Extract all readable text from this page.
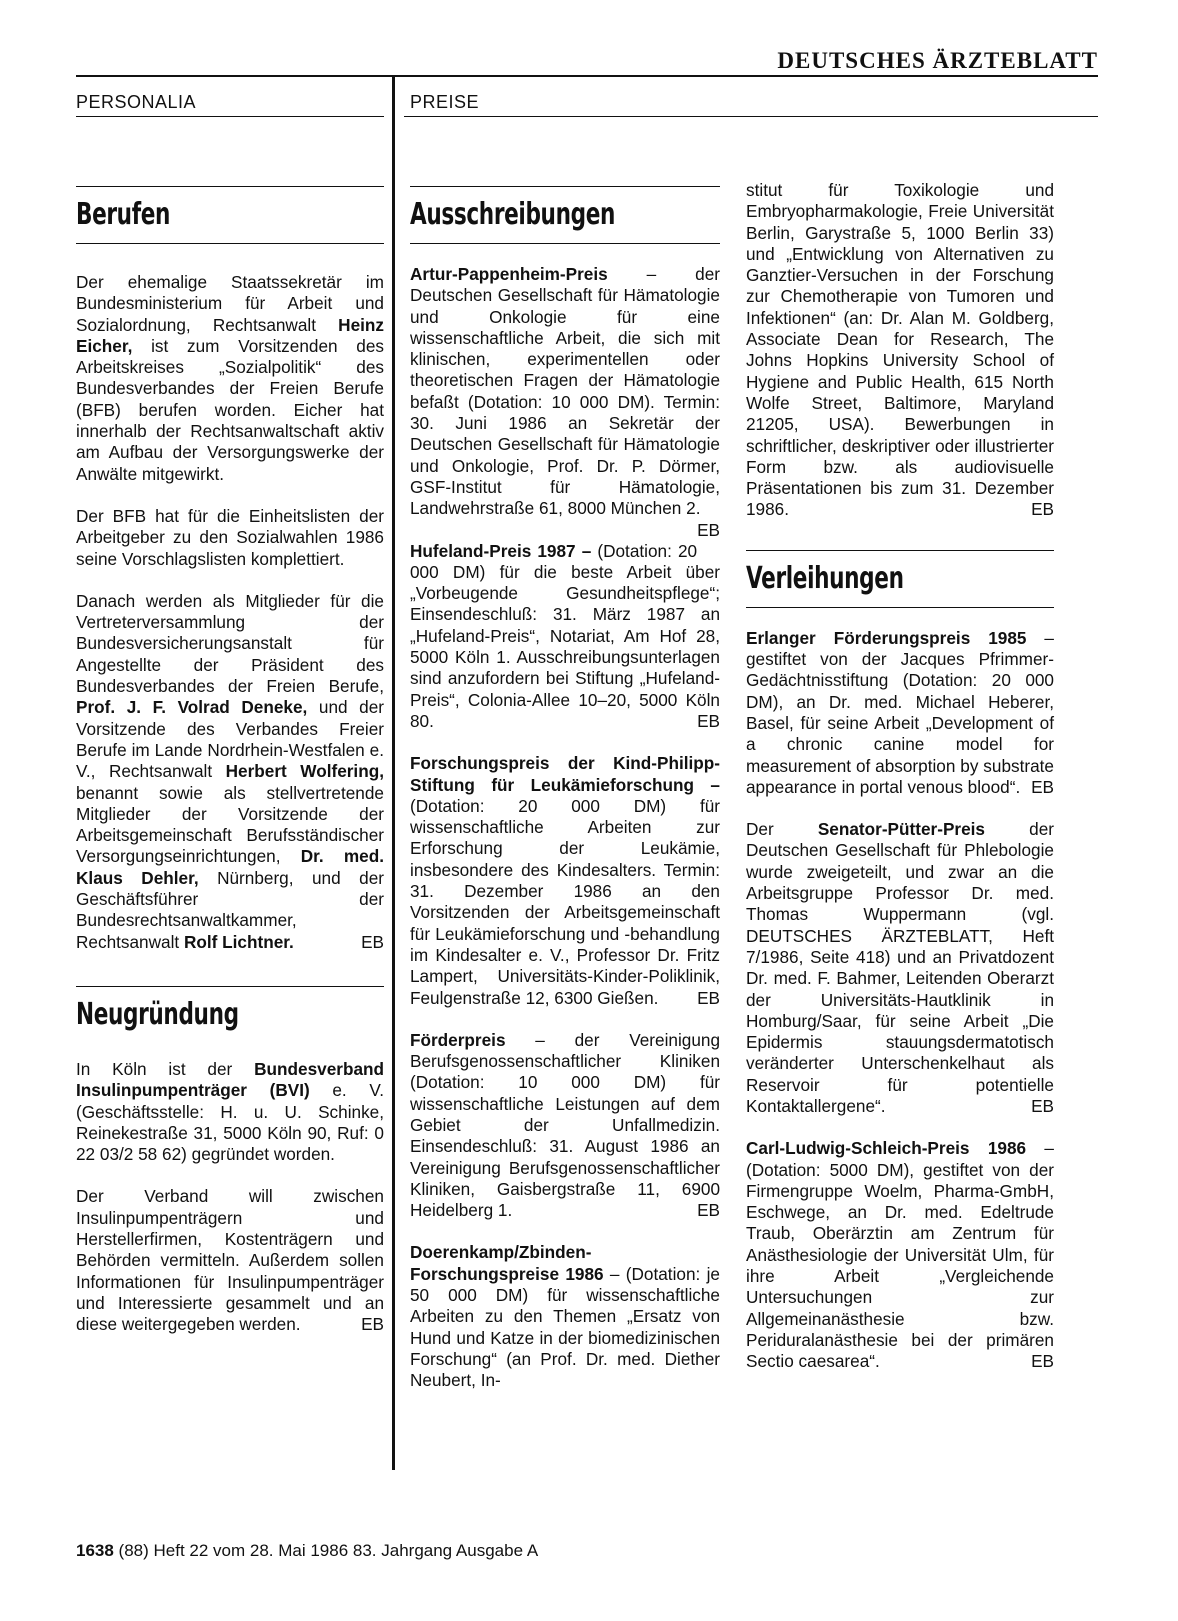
DEUTSCHES ÄRZTEBLATT
PERSONALIA	PREISE
Berufen

Der ehemalige Staatssekretär im Bundesministerium für Arbeit und Sozialordnung, Rechtsanwalt Heinz Eicher, ist zum Vorsitzenden des Arbeitskreises „Sozialpolitik“ des Bundesverbandes der Freien Berufe (BFB) berufen worden. Eicher hat innerhalb der Rechtsanwaltschaft aktiv am Aufbau der Versorgungswerke der Anwälte mitgewirkt.

Der BFB hat für die Einheitslisten der Arbeitgeber zu den Sozialwahlen 1986 seine Vorschlagslisten komplettiert.

Danach werden als Mitglieder für die Vertreterversammlung der Bundesversicherungsanstalt für Angestellte der Präsident des Bundesverbandes der Freien Berufe, Prof. J. F. Volrad Deneke, und der Vorsitzende des Verbandes Freier Berufe im Lande Nordrhein-Westfalen e. V., Rechtsanwalt Herbert Wolfering, benannt sowie als stellvertretende Mitglieder der Vorsitzende der Arbeitsgemeinschaft Berufsständischer Versorgungseinrichtungen, Dr. med. Klaus Dehler, Nürnberg, und der Geschäftsführer der Bundesrechtsanwaltkammer, Rechtsanwalt Rolf Lichtner.	EB

Neugründung

In Köln ist der Bundesverband Insulinpumpenträger (BVI) e. V. (Geschäftsstelle: H. u. U. Schinke, Reinekestraße 31, 5000 Köln 90, Ruf: 0 22 03/2 58 62) gegründet worden.

Der Verband will zwischen Insulinpumpenträgern und Herstellerfirmen, Kostenträgern und Behörden vermitteln. Außerdem sollen Informationen für Insulinpumpenträger und Interessierte gesammelt und an diese weitergegeben werden.	EB

Ausschreibungen

Artur-Pappenheim-Preis – der Deutschen Gesellschaft für Hämatologie und Onkologie für eine wissenschaftliche Arbeit, die sich mit klinischen, experimentellen oder theoretischen Fragen der Hämatologie befaßt (Dotation: 10 000 DM). Termin: 30. Juni 1986 an Sekretär der Deutschen Gesellschaft für Hämatologie und Onkologie, Prof. Dr. P. Dörmer, GSF-Institut für Hämatologie, Landwehrstraße 61, 8000 München 2.
EB

Hufeland-Preis 1987 – (Dotation: 20 000 DM) für die beste Arbeit über „Vorbeugende Gesundheitspflege“; Einsendeschluß: 31. März 1987 an „Hufeland-Preis“, Notariat, Am Hof 28, 5000 Köln 1. Ausschreibungsunterlagen sind anzufordern bei Stiftung „Hufeland-Preis“, Colonia-Allee 10–20, 5000 Köln 80.	EB

Forschungspreis der Kind-Philipp-Stiftung für Leukämieforschung – (Dotation: 20 000 DM) für wissenschaftliche Arbeiten zur Erforschung der Leukämie, insbesondere des Kindesalters. Termin: 31. Dezember 1986 an den Vorsitzenden der Arbeitsgemeinschaft für Leukämieforschung und -behandlung im Kindesalter e. V., Professor Dr. Fritz Lampert, Universitäts-Kinder-Poliklinik, Feulgenstraße 12, 6300 Gießen. EB

Förderpreis – der Vereinigung Berufsgenossenschaftlicher Kliniken (Dotation: 10 000 DM) für wissenschaftliche Leistungen auf dem Gebiet der Unfallmedizin. Einsendeschluß: 31. August 1986 an Vereinigung Berufsgenossenschaftlicher Kliniken, Gaisbergstraße 11, 6900 Heidelberg 1.	EB

Doerenkamp/Zbinden-Forschungspreise 1986 – (Dotation: je 50 000 DM) für wissenschaftliche Arbeiten zu den Themen „Ersatz von Hund und Katze in der biomedizinischen Forschung“ (an Prof. Dr. med. Diether Neubert, In-

stitut für Toxikologie und Embryopharmakologie, Freie Universität Berlin, Garystraße 5, 1000 Berlin 33) und „Entwicklung von Alternativen zu Ganztier-Versuchen in der Forschung zur Chemotherapie von Tumoren und Infektionen“ (an: Dr. Alan M. Goldberg, Associate Dean for Research, The Johns Hopkins University School of Hygiene and Public Health, 615 North Wolfe Street, Baltimore, Maryland 21205, USA). Bewerbungen in schriftlicher, deskriptiver oder illustrierter Form bzw. als audiovisuelle Präsentationen bis zum 31. Dezember 1986.	EB

Verleihungen

Erlanger Förderungspreis 1985 – gestiftet von der Jacques Pfrimmer-Gedächtnisstiftung (Dotation: 20 000 DM), an Dr. med. Michael Heberer, Basel, für seine Arbeit „Development of a chronic canine model for measurement of absorption by substrate appearance in portal venous blood“. EB

Der Senator-Pütter-Preis der Deutschen Gesellschaft für Phlebologie wurde zweigeteilt, und zwar an die Arbeitsgruppe Professor Dr. med. Thomas Wuppermann (vgl. DEUTSCHES ÄRZTEBLATT, Heft 7/1986, Seite 418) und an Privatdozent Dr. med. F. Bahmer, Leitenden Oberarzt der Universitäts-Hautklinik in Homburg/Saar, für seine Arbeit „Die Epidermis stauungsdermatotisch veränderter Unterschenkelhaut als Reservoir für potentielle Kontaktallergene“.	EB

Carl-Ludwig-Schleich-Preis 1986 – (Dotation: 5000 DM), gestiftet von der Firmengruppe Woelm, Pharma-GmbH, Eschwege, an Dr. med. Edeltrude Traub, Oberärztin am Zentrum für Anästhesiologie der Universität Ulm, für ihre Arbeit „Vergleichende Untersuchungen zur Allgemeinanästhesie bzw. Periduralanästhesie bei der primären Sectio caesarea“.	EB

1638 (88) Heft 22 vom 28. Mai 1986 83. Jahrgang Ausgabe A
